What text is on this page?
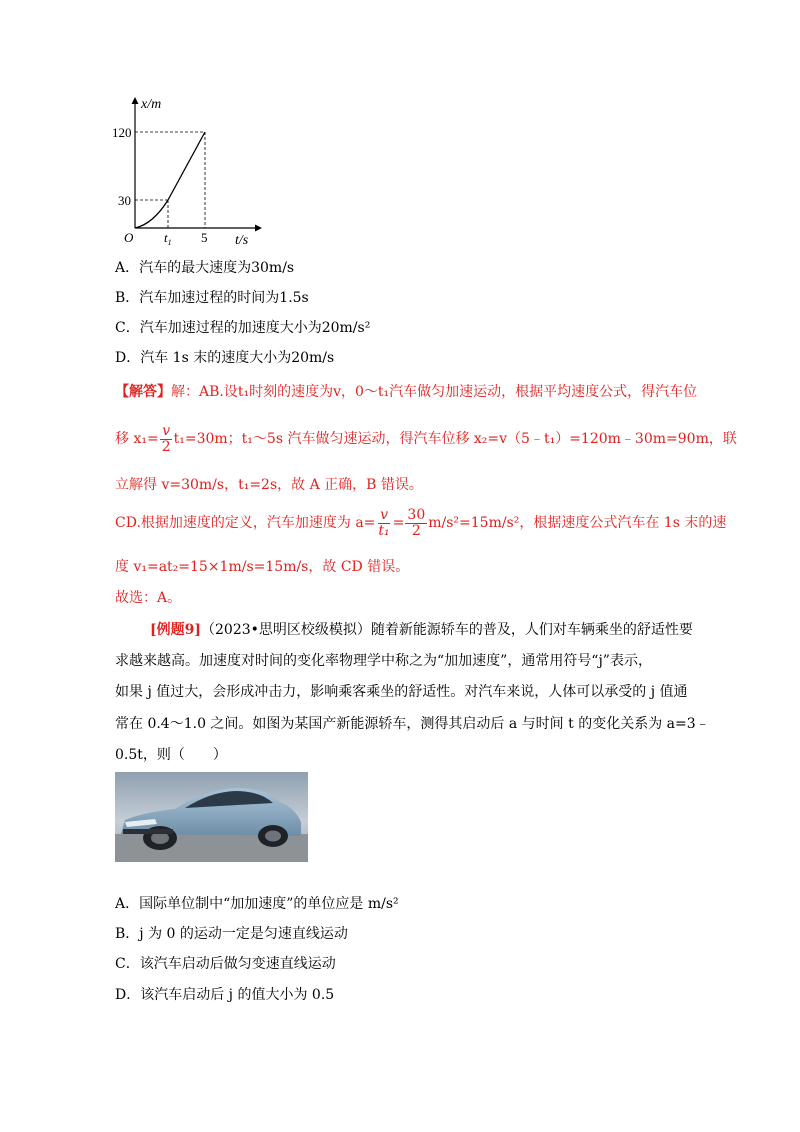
x/m
O
120
30
$t_1$ 5 t/s
A．汽车的最大速度为30m/s
B．汽车加速过程的时间为1.5s
C．汽车加速过程的加速度大小为20m/s²
D．汽车 1s 末的速度大小为20m/s
【解答】解：AB.设t₁时刻的速度为v，0～t₁汽车做匀加速运动，根据平均速度公式，得汽车位
移 $x_1= \frac{v}{2} t_1=30m$；t₁～5s 汽车做匀速运动，得汽车位移 x₂=v（5﹣t₁）=120m﹣30m=90m，联
立解得 v=30m/s，t₁=2s，故 A 正确，B 错误。
CD.根据加速度的定义，汽车加速度为 $a= \frac{v}{\text{t₁}} = \frac{30}{2} m/s^2=15m/s^2$，根据速度公式汽车在 1s 末的速
度 v₁=at₂=15×1m/s=15m/s，故 CD 错误。
故选：A。
[例题9]（2023•思明区校级模拟）随着新能源轿车的普及，人们对车辆乘坐的舒适性要
求越来越高。加速度对时间的变化率物理学中称之为“加加速度”，通常用符号“j”表示，
如果 j 值过大，会形成冲击力，影响乘客乘坐的舒适性。对汽车来说，人体可以承受的 j 值通
常在 0.4～1.0 之间。如图为某国产新能源轿车，测得其启动后 a 与时间 t 的变化关系为 a=3﹣
0.5t，则（　　）
A．国际单位制中“加加速度”的单位应是 m/s²
B．j 为 0 的运动一定是匀速直线运动
C．该汽车启动后做匀变速直线运动
D．该汽车启动后 j 的值大小为 0.5
